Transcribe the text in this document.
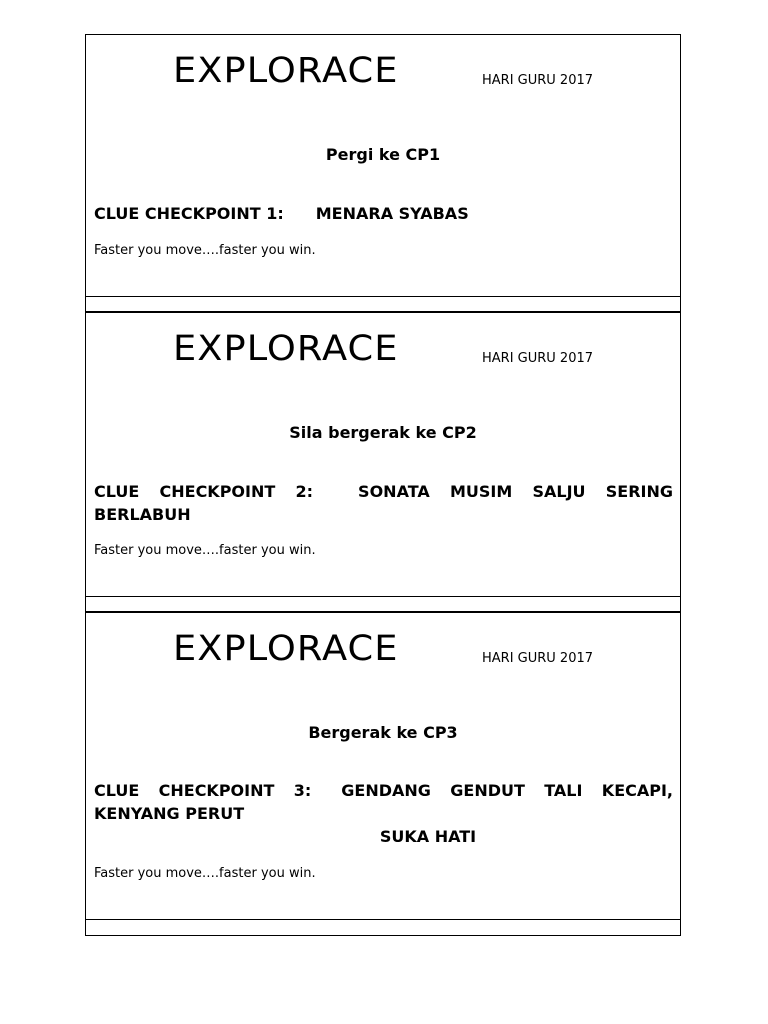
EXPLORACE	HARI GURU 2017
Pergi ke CP1
CLUE CHECKPOINT 1: MENARA SYABAS
Faster you move….faster you win.
EXPLORACE	HARI GURU 2017
Sila bergerak ke CP2
CLUE CHECKPOINT 2:	SONATA MUSIM SALJU SERING BERLABUH
Faster you move….faster you win.
EXPLORACE	HARI GURU 2017
Bergerak ke CP3
CLUE CHECKPOINT 3: GENDANG GENDUT TALI KECAPI, KENYANG PERUT
SUKA HATI
Faster you move….faster you win.
